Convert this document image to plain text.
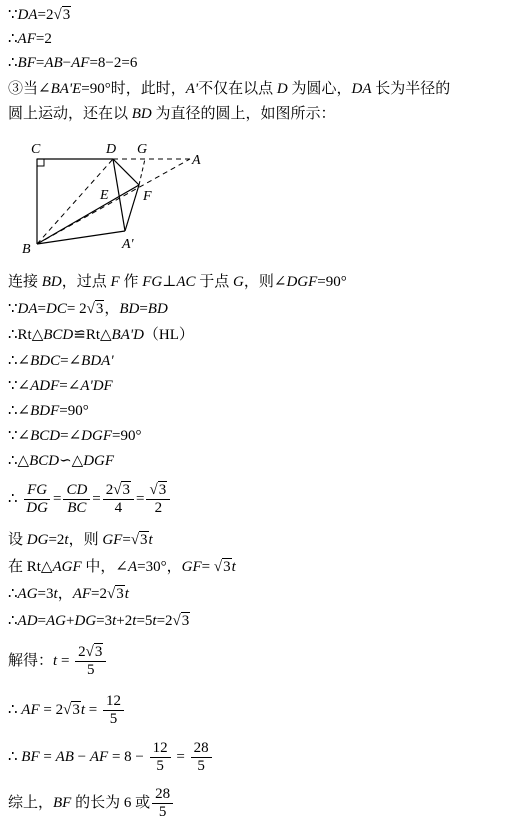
∵DA=2√3
∴AF=2
∴BF=AB−AF=8−2=6
③当∠BA'E=90°时，此时，A'不仅在以点 D 为圆心，DA 长为半径的
圆上运动，还在以 BD 为直径的圆上，如图所示：
C	D G
A
E F
B	A'
连接 BD，过点 F 作 FG⊥AC 于点 G，则∠DGF=90°
∵DA=DC= 2√3，BD=BD
∴Rt△BCD≌Rt△BA'D（HL）
∴∠BDC=∠BDA'
∵∠ADF=∠A'DF
∴∠BDF=90°
∵∠BCD=∠DGF=90°
∴△BCD∽△DGF
∴ $\frac{FG}{DG} = \frac{CD}{BC} = \frac{2√3}{4} = \frac{√3}{2}$
设 DG=2t，则 GF=√3t
在 Rt△AGF 中，∠A=30°，GF= √3t
∴AG=3t，AF=2√3t
∴AD=AG+DG=3t+2t=5t=2√3
解得：$t = \frac{2√3}{5}$
∴ AF = $2√3t = \frac{12}{5}$
∴ BF = AB − AF = $8 - \frac{12}{5} = \frac{28}{5}$
综上，BF 的长为 6 或 $\frac{28}{5}$
